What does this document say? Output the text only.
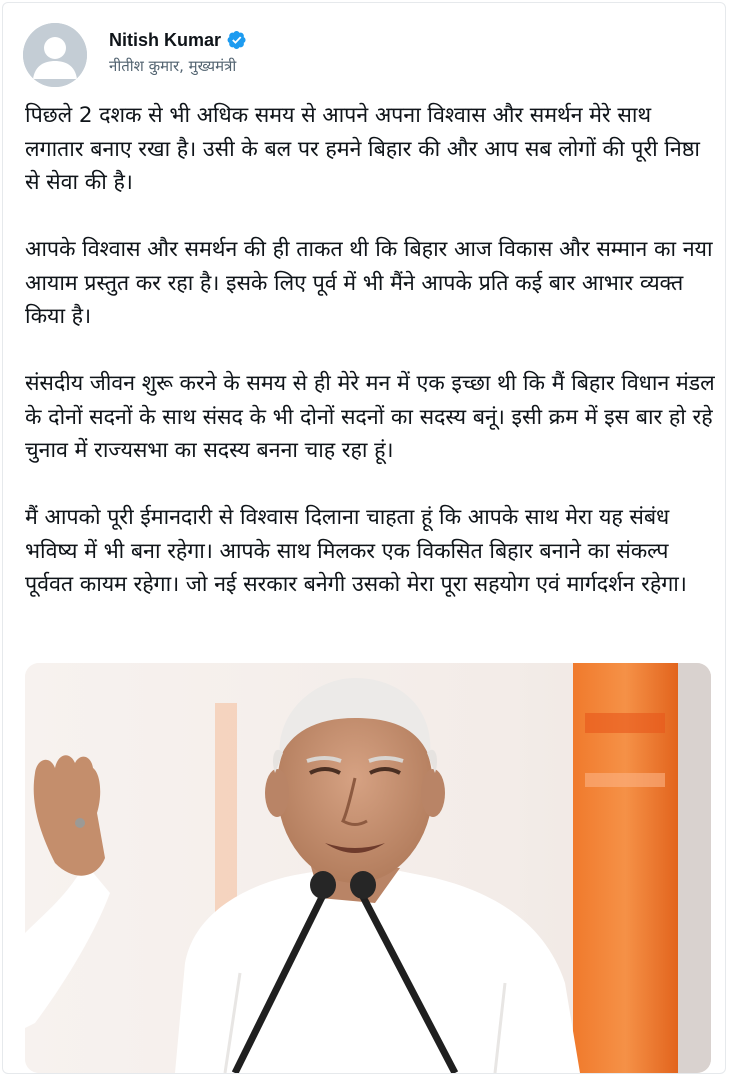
Nitish Kumar
नीतीश कुमार, मुख्यमंत्री

पिछले 2 दशक से भी अधिक समय से आपने अपना विश्वास और समर्थन मेरे साथ लगातार बनाए रखा है। उसी के बल पर हमने बिहार की और आप सब लोगों की पूरी निष्ठा से सेवा की है।

आपके विश्वास और समर्थन की ही ताकत थी कि बिहार आज विकास और सम्मान का नया आयाम प्रस्तुत कर रहा है। इसके लिए पूर्व में भी मैंने आपके प्रति कई बार आभार व्यक्त किया है।

संसदीय जीवन शुरू करने के समय से ही मेरे मन में एक इच्छा थी कि मैं बिहार विधान मंडल के दोनों सदनों के साथ संसद के भी दोनों सदनों का सदस्य बनूं। इसी क्रम में इस बार हो रहे चुनाव में राज्यसभा का सदस्य बनना चाह रहा हूं।

मैं आपको पूरी ईमानदारी से विश्वास दिलाना चाहता हूं कि आपके साथ मेरा यह संबंध भविष्य में भी बना रहेगा। आपके साथ मिलकर एक विकसित बिहार बनाने का संकल्प पूर्ववत कायम रहेगा। जो नई सरकार बनेगी उसको मेरा पूरा सहयोग एवं मार्गदर्शन रहेगा।
